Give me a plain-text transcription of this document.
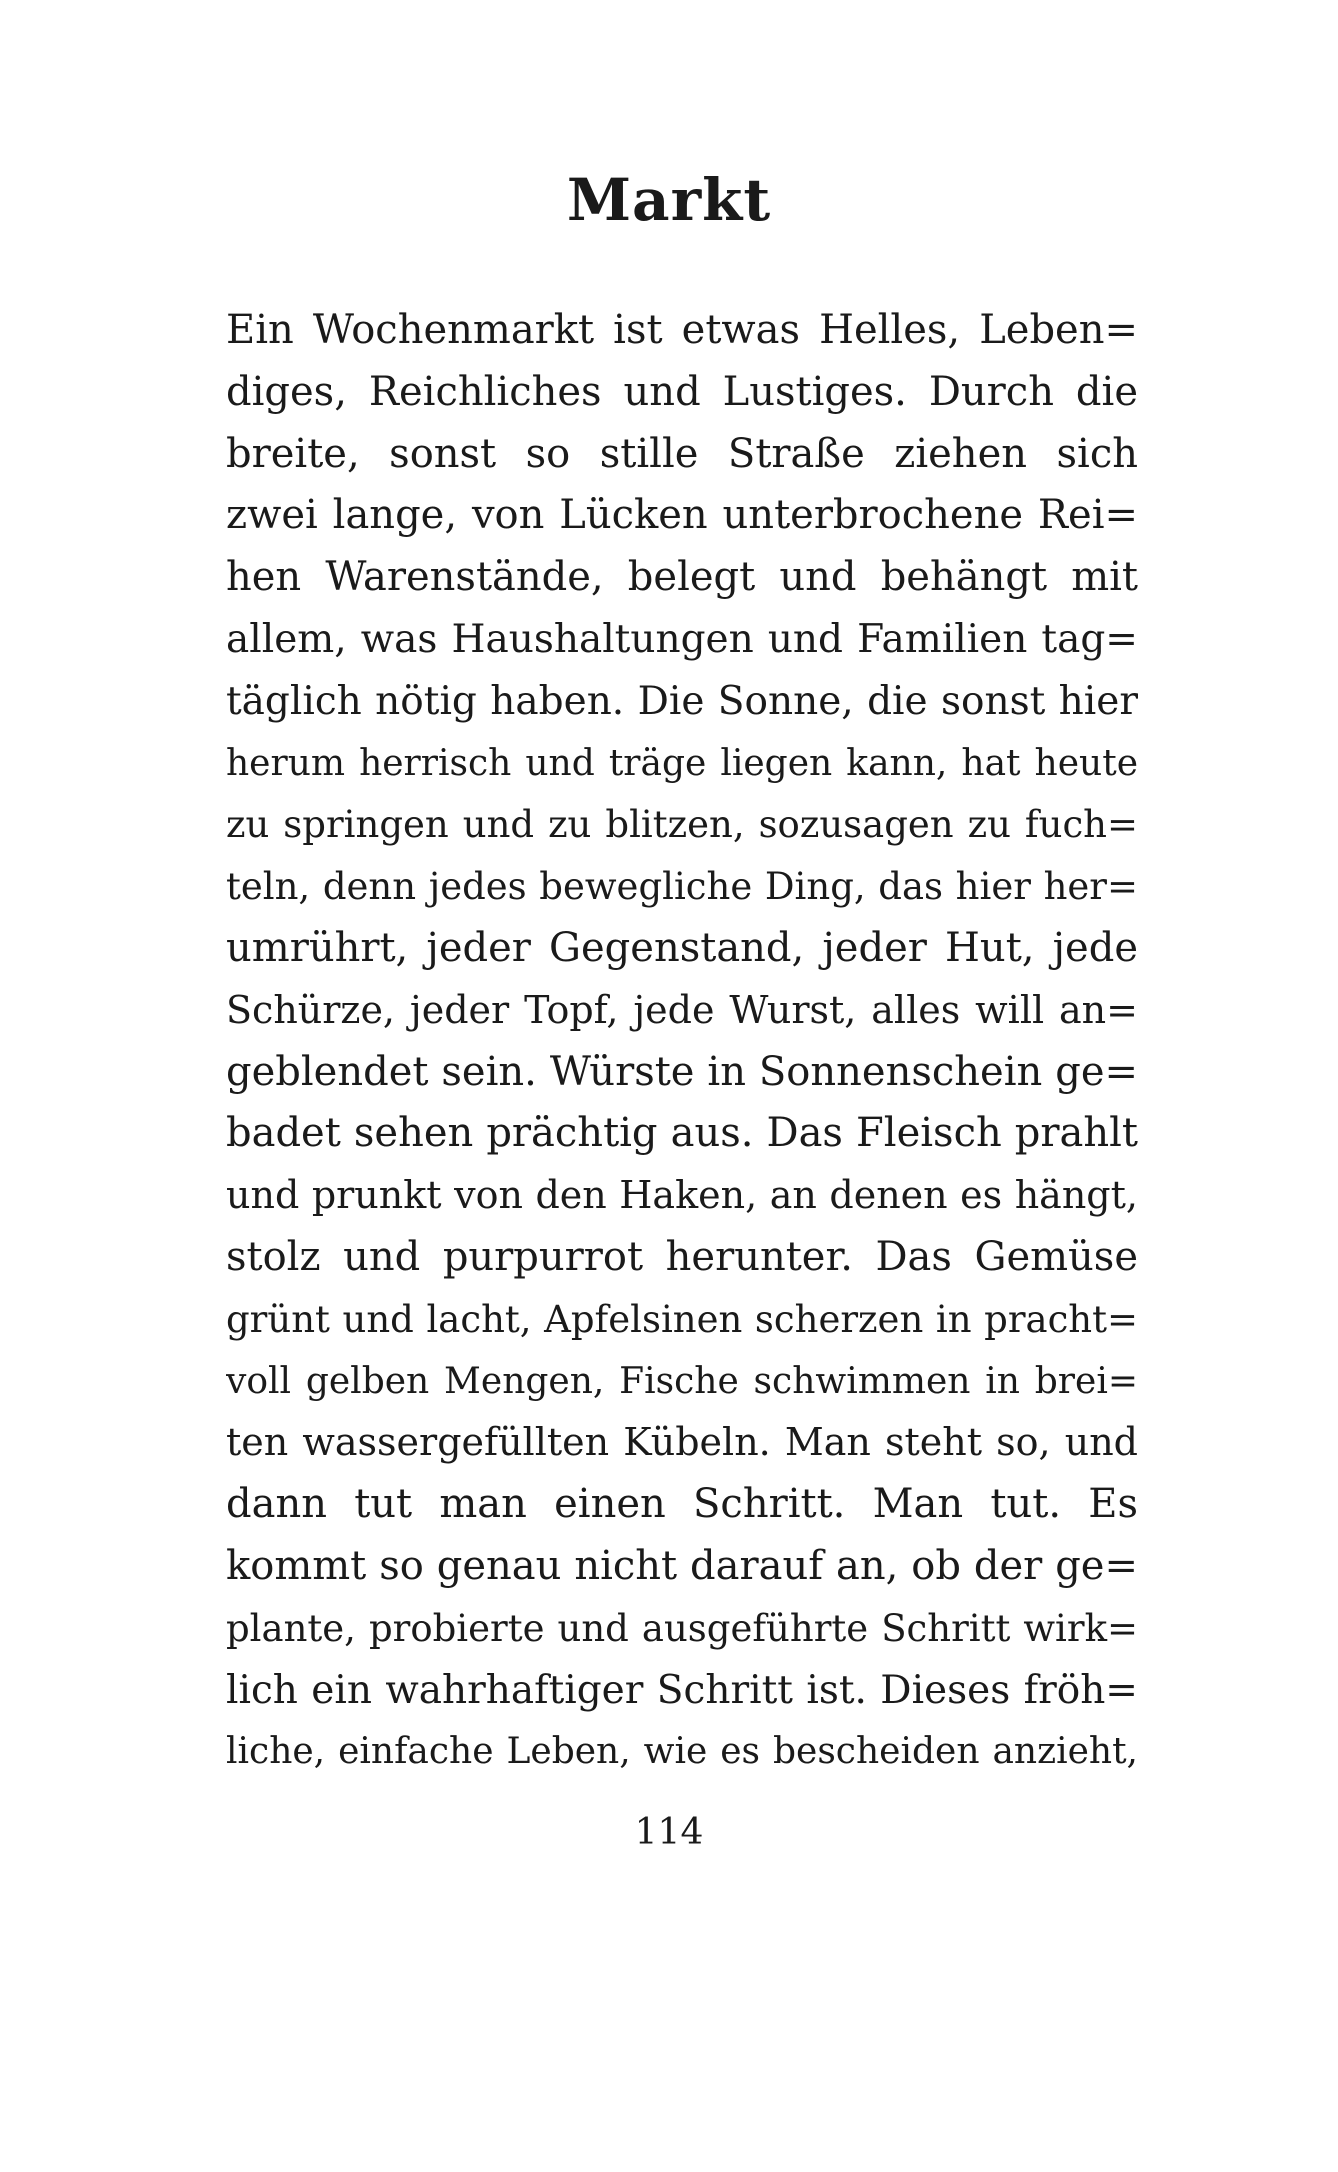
Markt
Ein Wochenmarkt ist etwas Helles, Leben=
diges, Reichliches und Lustiges. Durch die
breite, sonst so stille Straße ziehen sich
zwei lange, von Lücken unterbrochene Rei=
hen Warenstände, belegt und behängt mit
allem, was Haushaltungen und Familien tag=
täglich nötig haben. Die Sonne, die sonst hier
herum herrisch und träge liegen kann, hat heute
zu springen und zu blitzen, sozusagen zu fuch=
teln, denn jedes bewegliche Ding, das hier her=
umrührt, jeder Gegenstand, jeder Hut, jede
Schürze, jeder Topf, jede Wurst, alles will an=
geblendet sein. Würste in Sonnenschein ge=
badet sehen prächtig aus. Das Fleisch prahlt
und prunkt von den Haken, an denen es hängt,
stolz und purpurrot herunter. Das Gemüse
grünt und lacht, Apfelsinen scherzen in pracht=
voll gelben Mengen, Fische schwimmen in brei=
ten wassergefüllten Kübeln. Man steht so, und
dann tut man einen Schritt. Man tut. Es
kommt so genau nicht darauf an, ob der ge=
plante, probierte und ausgeführte Schritt wirk=
lich ein wahrhaftiger Schritt ist. Dieses fröh=
liche, einfache Leben, wie es bescheiden anzieht,
114
